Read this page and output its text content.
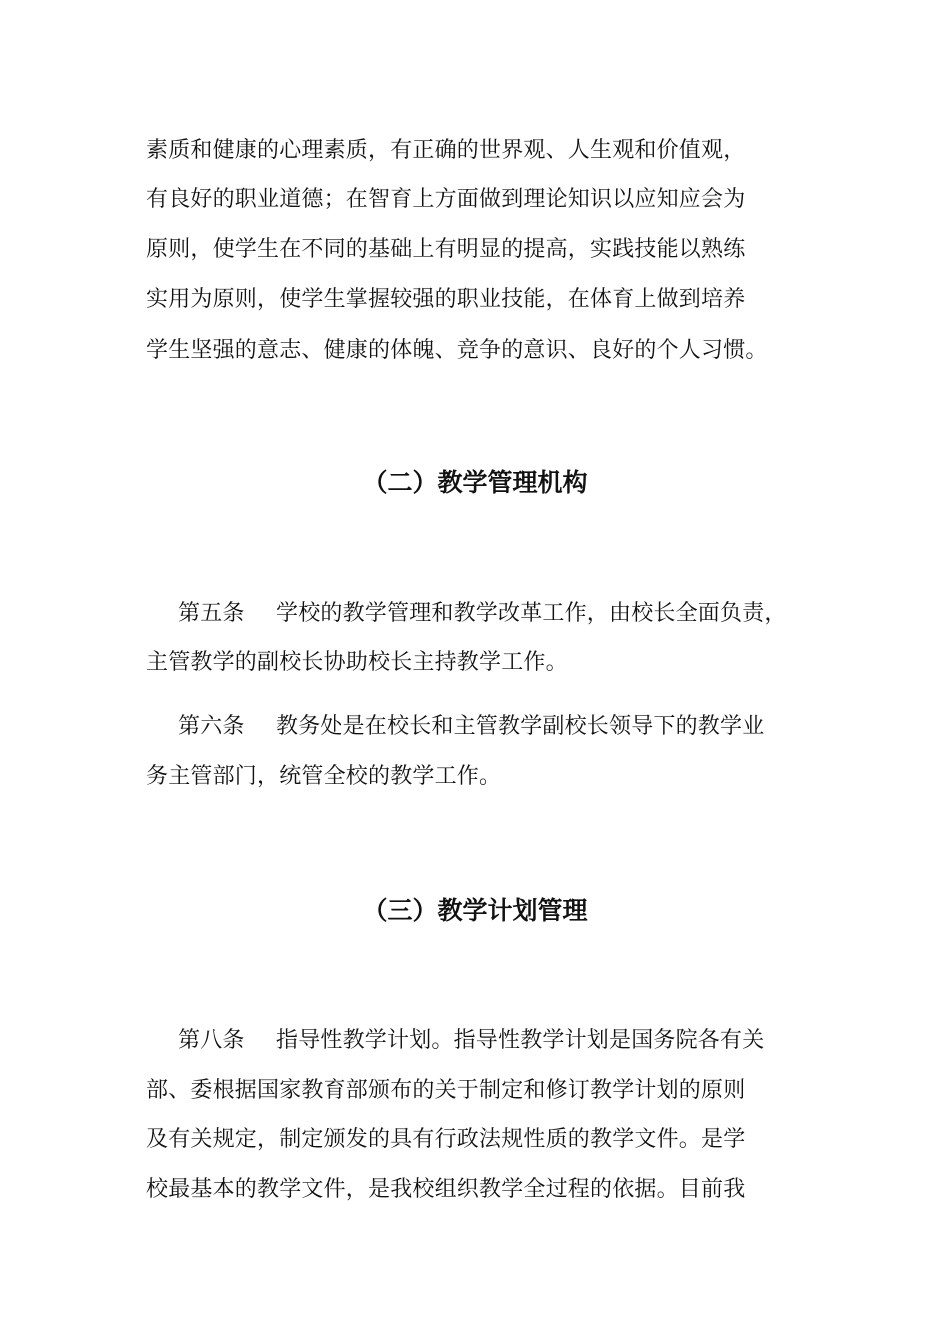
素质和健康的心理素质，有正确的世界观、人生观和价值观，
有良好的职业道德；在智育上方面做到理论知识以应知应会为
原则，使学生在不同的基础上有明显的提高，实践技能以熟练
实用为原则，使学生掌握较强的职业技能，在体育上做到培养
学生坚强的意志、健康的体魄、竞争的意识、良好的个人习惯。
（二）教学管理机构
第五条 学校的教学管理和教学改革工作，由校长全面负责，
主管教学的副校长协助校长主持教学工作。
第六条 教务处是在校长和主管教学副校长领导下的教学业
务主管部门，统管全校的教学工作。
（三）教学计划管理
第八条 指导性教学计划。指导性教学计划是国务院各有关
部、委根据国家教育部颁布的关于制定和修订教学计划的原则
及有关规定，制定颁发的具有行政法规性质的教学文件。是学
校最基本的教学文件，是我校组织教学全过程的依据。目前我
